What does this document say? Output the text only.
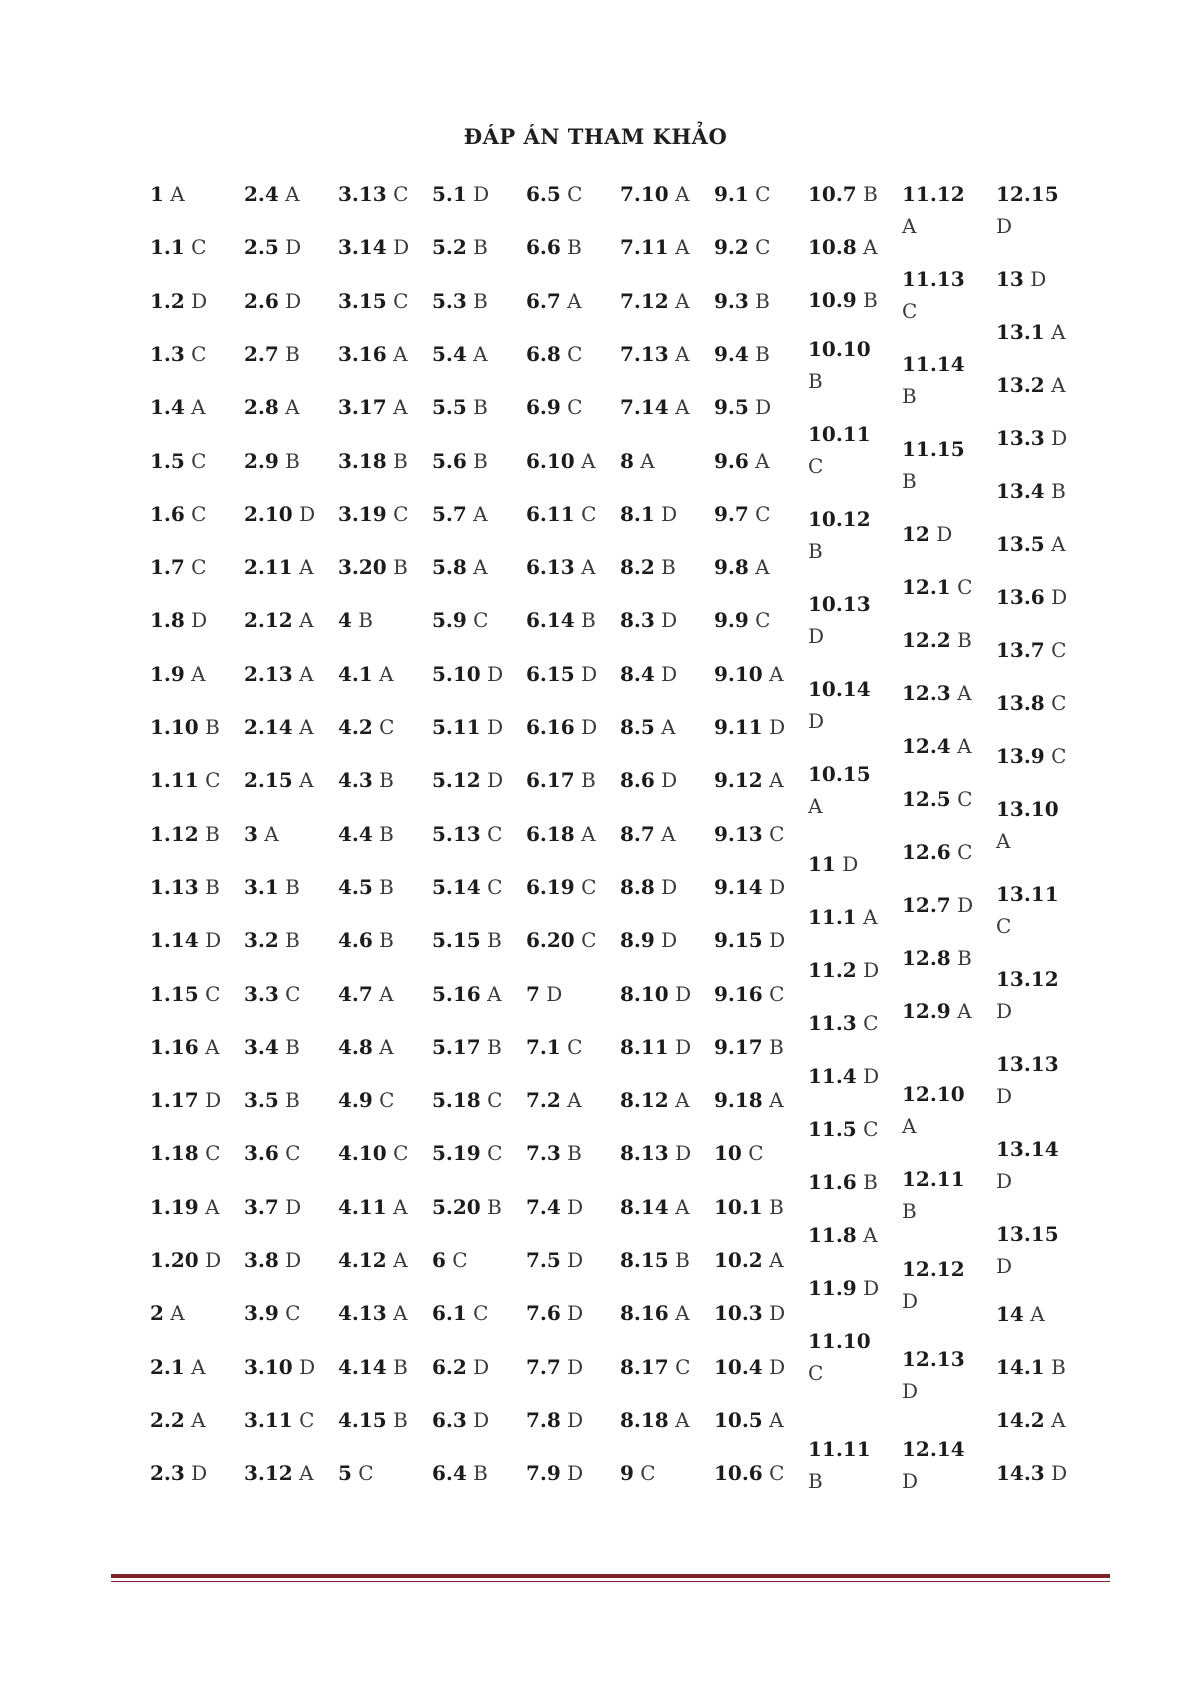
ĐÁP ÁN THAM KHẢO
1 A
1.1 C
1.2 D
1.3 C
1.4 A
1.5 C
1.6 C
1.7 C
1.8 D
1.9 A
1.10 B
1.11 C
1.12 B
1.13 B
1.14 D
1.15 C
1.16 A
1.17 D
1.18 C
1.19 A
1.20 D
2 A
2.1 A
2.2 A
2.3 D
2.4 A
2.5 D
2.6 D
2.7 B
2.8 A
2.9 B
2.10 D
2.11 A
2.12 A
2.13 A
2.14 A
2.15 A
3 A
3.1 B
3.2 B
3.3 C
3.4 B
3.5 B
3.6 C
3.7 D
3.8 D
3.9 C
3.10 D
3.11 C
3.12 A
3.13 C
3.14 D
3.15 C
3.16 A
3.17 A
3.18 B
3.19 C
3.20 B
4 B
4.1 A
4.2 C
4.3 B
4.4 B
4.5 B
4.6 B
4.7 A
4.8 A
4.9 C
4.10 C
4.11 A
4.12 A
4.13 A
4.14 B
4.15 B
5 C
5.1 D
5.2 B
5.3 B
5.4 A
5.5 B
5.6 B
5.7 A
5.8 A
5.9 C
5.10 D
5.11 D
5.12 D
5.13 C
5.14 C
5.15 B
5.16 A
5.17 B
5.18 C
5.19 C
5.20 B
6 C
6.1 C
6.2 D
6.3 D
6.4 B
6.5 C
6.6 B
6.7 A
6.8 C
6.9 C
6.10 A
6.11 C
6.13 A
6.14 B
6.15 D
6.16 D
6.17 B
6.18 A
6.19 C
6.20 C
7 D
7.1 C
7.2 A
7.3 B
7.4 D
7.5 D
7.6 D
7.7 D
7.8 D
7.9 D
7.10 A
7.11 A
7.12 A
7.13 A
7.14 A
8 A
8.1 D
8.2 B
8.3 D
8.4 D
8.5 A
8.6 D
8.7 A
8.8 D
8.9 D
8.10 D
8.11 D
8.12 A
8.13 D
8.14 A
8.15 B
8.16 A
8.17 C
8.18 A
9 C
9.1 C
9.2 C
9.3 B
9.4 B
9.5 D
9.6 A
9.7 C
9.8 A
9.9 C
9.10 A
9.11 D
9.12 A
9.13 C
9.14 D
9.15 D
9.16 C
9.17 B
9.18 A
10 C
10.1 B
10.2 A
10.3 D
10.4 D
10.5 A
10.6 C
10.7 B
10.8 A
10.9 B
10.10 B
10.11 C
10.12 B
10.13 D
10.14 D
10.15 A
11 D
11.1 A
11.2 D
11.3 C
11.4 D
11.5 C
11.6 B
11.8 A
11.9 D
11.10 C
11.11 B
11.12 A
11.13 C
11.14 B
11.15 B
12 D
12.1 C
12.2 B
12.3 A
12.4 A
12.5 C
12.6 C
12.7 D
12.8 B
12.9 A
12.10 A
12.11 B
12.12 D
12.13 D
12.14 D
12.15 D
13 D
13.1 A
13.2 A
13.3 D
13.4 B
13.5 A
13.6 D
13.7 C
13.8 C
13.9 C
13.10 A
13.11 C
13.12 D
13.13 D
13.14 D
13.15 D
14 A
14.1 B
14.2 A
14.3 D
